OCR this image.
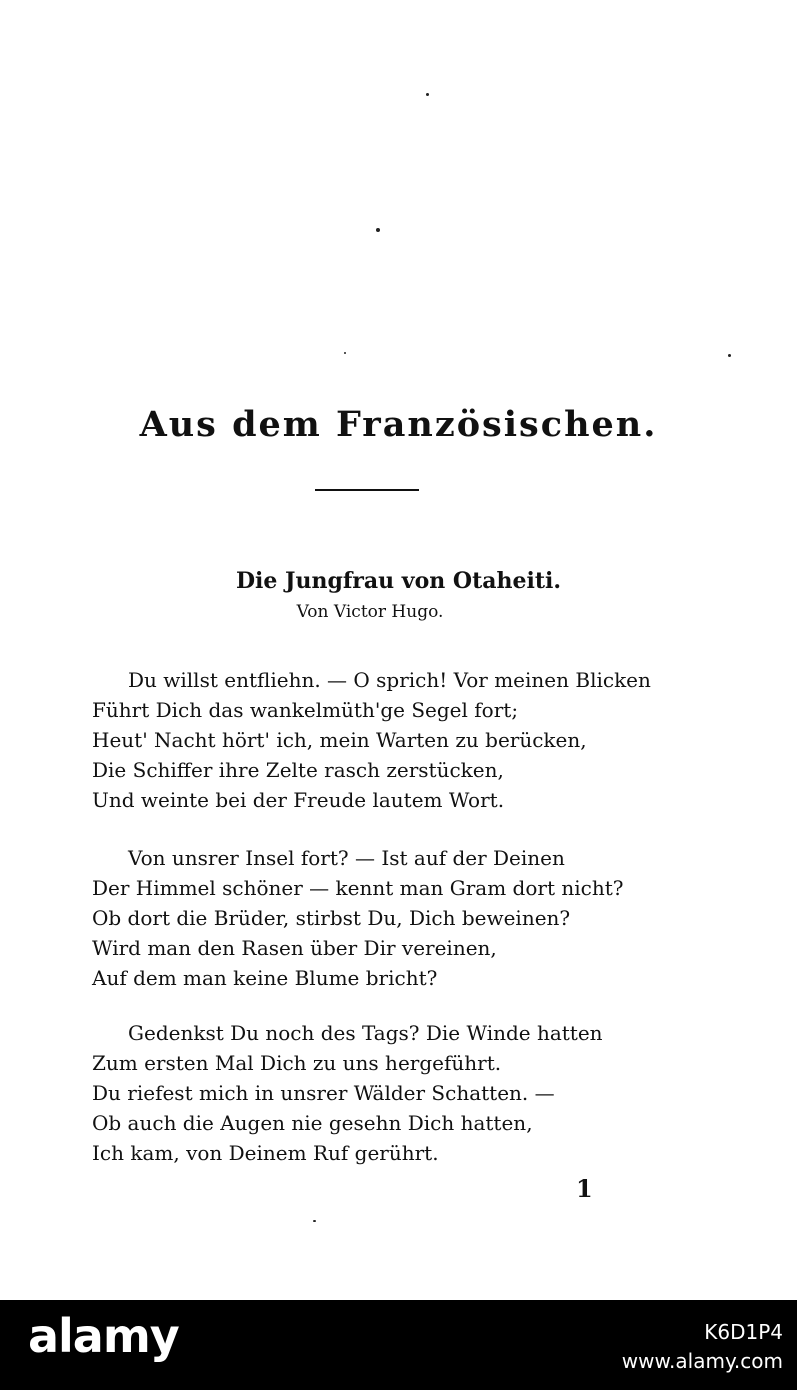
Aus dem Französischen.
Die Jungfrau von Otaheiti.

Von Victor Hugo.

Du willst entfliehn. — O sprich! Vor meinen Blicken
Führt Dich das wankelmüth'ge Segel fort;
Heut' Nacht hört' ich, mein Warten zu berücken,
Die Schiffer ihre Zelte rasch zerstücken,
Und weinte bei der Freude lautem Wort.

Von unsrer Insel fort? — Ist auf der Deinen
Der Himmel schöner — kennt man Gram dort nicht?
Ob dort die Brüder, stirbst Du, Dich beweinen?
Wird man den Rasen über Dir vereinen,
Auf dem man keine Blume bricht?

Gedenkst Du noch des Tags? Die Winde hatten
Zum ersten Mal Dich zu uns hergeführt.
Du riefest mich in unsrer Wälder Schatten. —
Ob auch die Augen nie gesehn Dich hatten,
Ich kam, von Deinem Ruf gerührt.

1
alamy	K6D1P4
www.alamy.com
